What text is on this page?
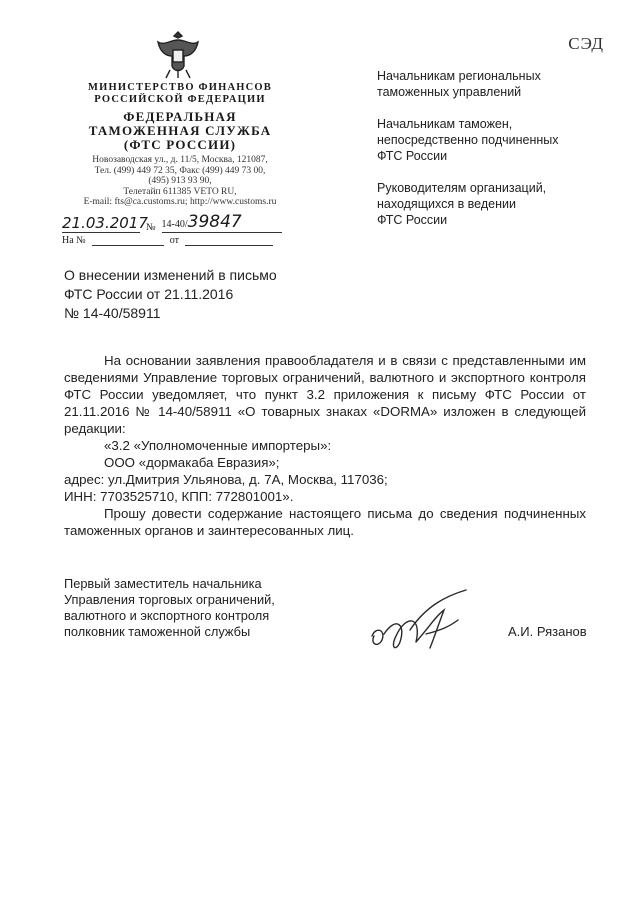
СЭД
МИНИСТЕРСТВО ФИНАНСОВ
РОССИЙСКОЙ ФЕДЕРАЦИИ
ФЕДЕРАЛЬНАЯ
ТАМОЖЕННАЯ СЛУЖБА
(ФТС РОССИИ)
Новозаводская ул., д. 11/5, Москва, 121087,
Тел. (499) 449 72 35, Факс (499) 449 73 00,
(495) 913 93 90,
Телетайп 611385 VETO RU,
E-mail: fts@ca.customs.ru; http://www.customs.ru
21.03.2017
№ 14-40/39847
На №
	от

Начальникам региональных
таможенных управлений
Начальникам таможен,
непосредственно подчиненных
ФТС России
Руководителям организаций,
находящихся в ведении
ФТС России
О внесении изменений в письмо
ФТС России от 21.11.2016
№ 14-40/58911

На основании заявления правообладателя и в связи с представленными им сведениями Управление торговых ограничений, валютного и экспортного контроля ФТС России уведомляет, что пункт 3.2 приложения к письму ФТС России от 21.11.2016 № 14-40/58911 «О товарных знаках «DORMA» изложен в следующей редакции:

«3.2 «Уполномоченные импортеры»:

ООО «дормакаба Евразия»;

адрес: ул.Дмитрия Ульянова, д. 7А, Москва, 117036;

ИНН: 7703525710, КПП: 772801001».

Прошу довести содержание настоящего письма до сведения подчиненных таможенных органов и заинтересованных лиц.

Первый заместитель начальника
Управления торговых ограничений,
валютного и экспортного контроля
полковник таможенной службы	А.И. Рязанов
